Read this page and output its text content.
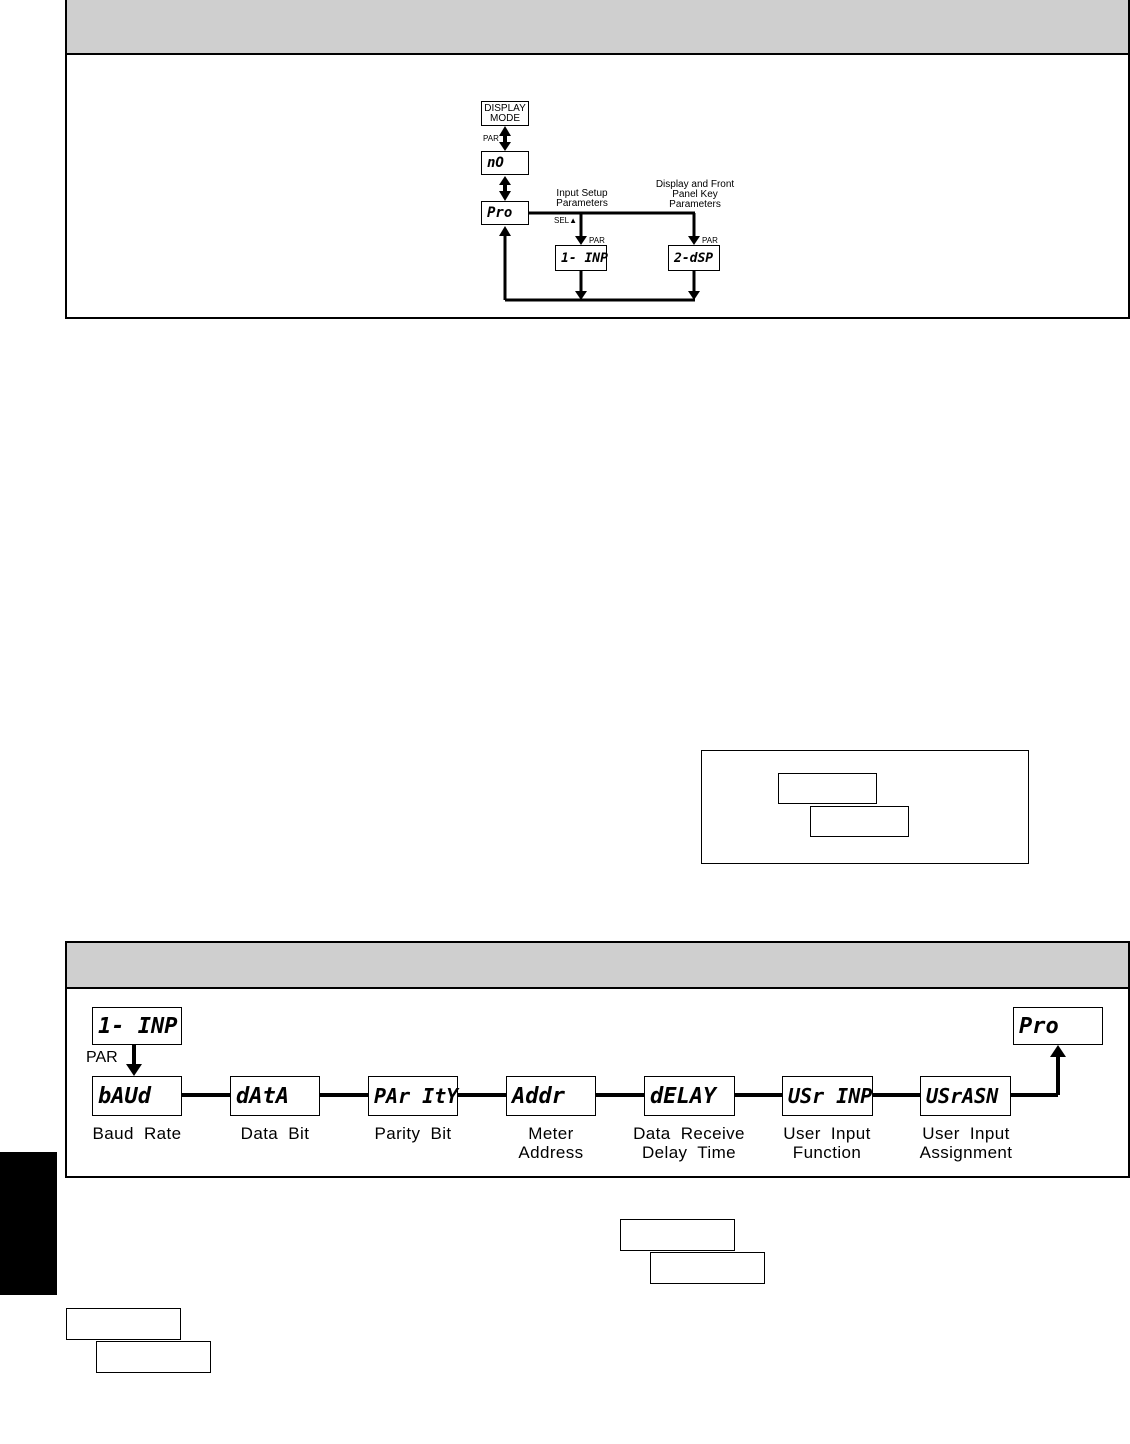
DISPLAY
MODE
PAR
nO
Pro	SEL▲
Input Setup
Parameters
Display and Front
Panel Key
Parameters
PAR	PAR
1- INP	2-dSP
1- INP
PAR
Pro
bAUd	dAtA	PAr ItY Addr	dELAY	USr INP	USrASN
Baud Rate	Data Bit	Parity Bit	Meter
Address
Data Receive
Delay Time
User Input
Function
User Input
Assignment
